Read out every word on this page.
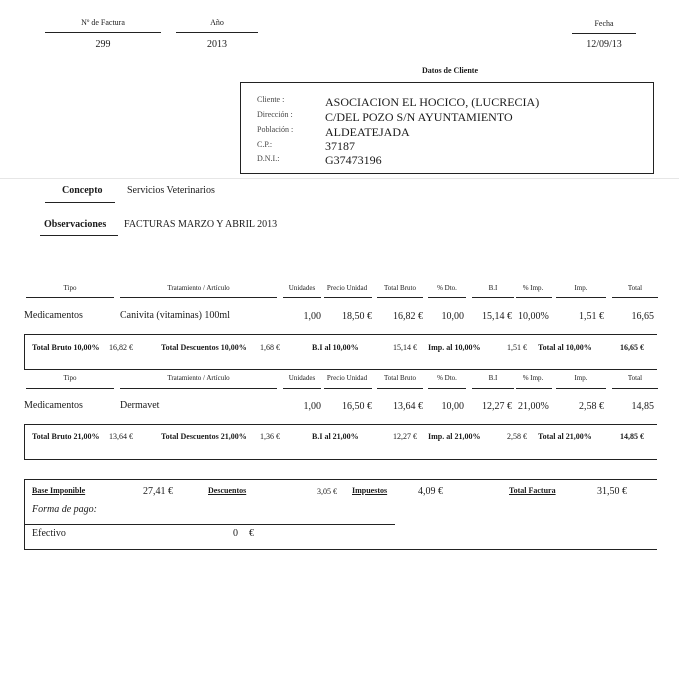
Nº de Factura
299
Año
2013
Fecha
12/09/13
Datos de Cliente
Cliente :	ASOCIACION EL HOCICO, (LUCRECIA)
Dirección :	C/DEL POZO S/N AYUNTAMIENTO
Población :	ALDEATEJADA
C.P.:	37187
D.N.I.:	G37473196
Concepto Servicios Veterinarios
Observaciones FACTURAS MARZO Y ABRIL 2013
Tipo	Tratamiento / Artículo	Unidades	Precio Unidad	Total Bruto	% Dto.	B.I	% Imp.	Imp.	Total
Medicamentos	Canivita (vitaminas) 100ml	1,00	18,50 €	16,82 €	10,00	15,14 € 10,00%	1,51 €	16,65
Total Bruto 10,00% 16,82 €	Total Descuentos 10,00% 1,68 €	B.I al 10,00%	15,14 € Imp. al 10,00%	1,51 € Total al 10,00%	16,65 €
Tipo	Tratamiento / Artículo	Unidades	Precio Unidad	Total Bruto	% Dto.	B.I	% Imp.	Imp.	Total
Medicamentos	Dermavet	1,00	16,50 €	13,64 €	10,00	12,27 € 21,00%	2,58 €	14,85
Total Bruto 21,00% 13,64 €	Total Descuentos 21,00% 1,36 €	B.I al 21,00%	12,27 € Imp. al 21,00%	2,58 € Total al 21,00%	14,85 €
Base Imponible	27,41 €	Descuentos	3,05 € Impuestos	4,09 €	Total Factura	31,50 €
Forma de pago:
Efectivo	0 €
